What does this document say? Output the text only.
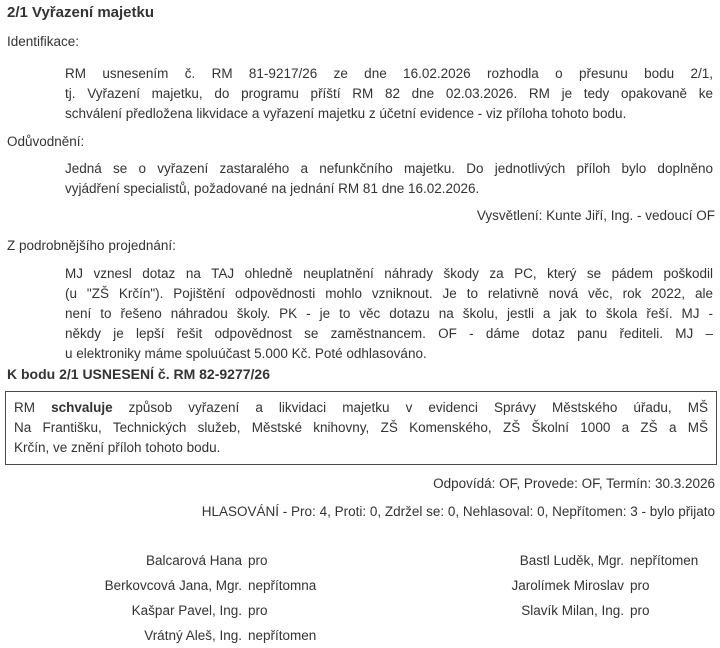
2/1 Vyřazení majetku
Identifikace:
RM usnesením č. RM 81-9217/26 ze dne 16.02.2026 rozhodla o přesunu bodu 2/1,
tj. Vyřazení majetku, do programu příští RM 82 dne 02.03.2026. RM je tedy opakovaně ke
schválení předložena likvidace a vyřazení majetku z účetní evidence - viz příloha tohoto bodu.
Odůvodnění:
Jedná se o vyřazení zastaralého a nefunkčního majetku. Do jednotlivých příloh bylo doplněno
vyjádření specialistů, požadované na jednání RM 81 dne 16.02.2026.
Vysvětlení: Kunte Jiří, Ing. - vedoucí OF
Z podrobnějšího projednání:
MJ vznesl dotaz na TAJ ohledně neuplatnění náhrady škody za PC, který se pádem poškodil
(u "ZŠ Krčín"). Pojištění odpovědnosti mohlo vzniknout. Je to relativně nová věc, rok 2022, ale
není to řešeno náhradou školy. PK - je to věc dotazu na školu, jestli a jak to škola řeší. MJ -
někdy je lepší řešit odpovědnost se zaměstnancem. OF - dáme dotaz panu řediteli. MJ –
u elektroniky máme spoluúčast 5.000 Kč. Poté odhlasováno.
K bodu 2/1 USNESENÍ č. RM 82-9277/26
RM schvaluje způsob vyřazení a likvidaci majetku v evidenci Správy Městského úřadu, MŠ
Na Františku, Technických služeb, Městské knihovny, ZŠ Komenského, ZŠ Školní 1000 a ZŠ a MŠ
Krčín, ve znění příloh tohoto bodu.
Odpovídá: OF, Provede: OF, Termín: 30.3.2026
HLASOVÁNÍ - Pro: 4, Proti: 0, Zdržel se: 0, Nehlasoval: 0, Nepřítomen: 3 - bylo přijato
Balcarová Hana pro	Bastl Luděk, Mgr. nepřítomen
Berkovcová Jana, Mgr. nepřítomna	Jarolímek Miroslav pro
Kašpar Pavel, Ing. pro	Slavík Milan, Ing. pro
Vrátný Aleš, Ing. nepřítomen
